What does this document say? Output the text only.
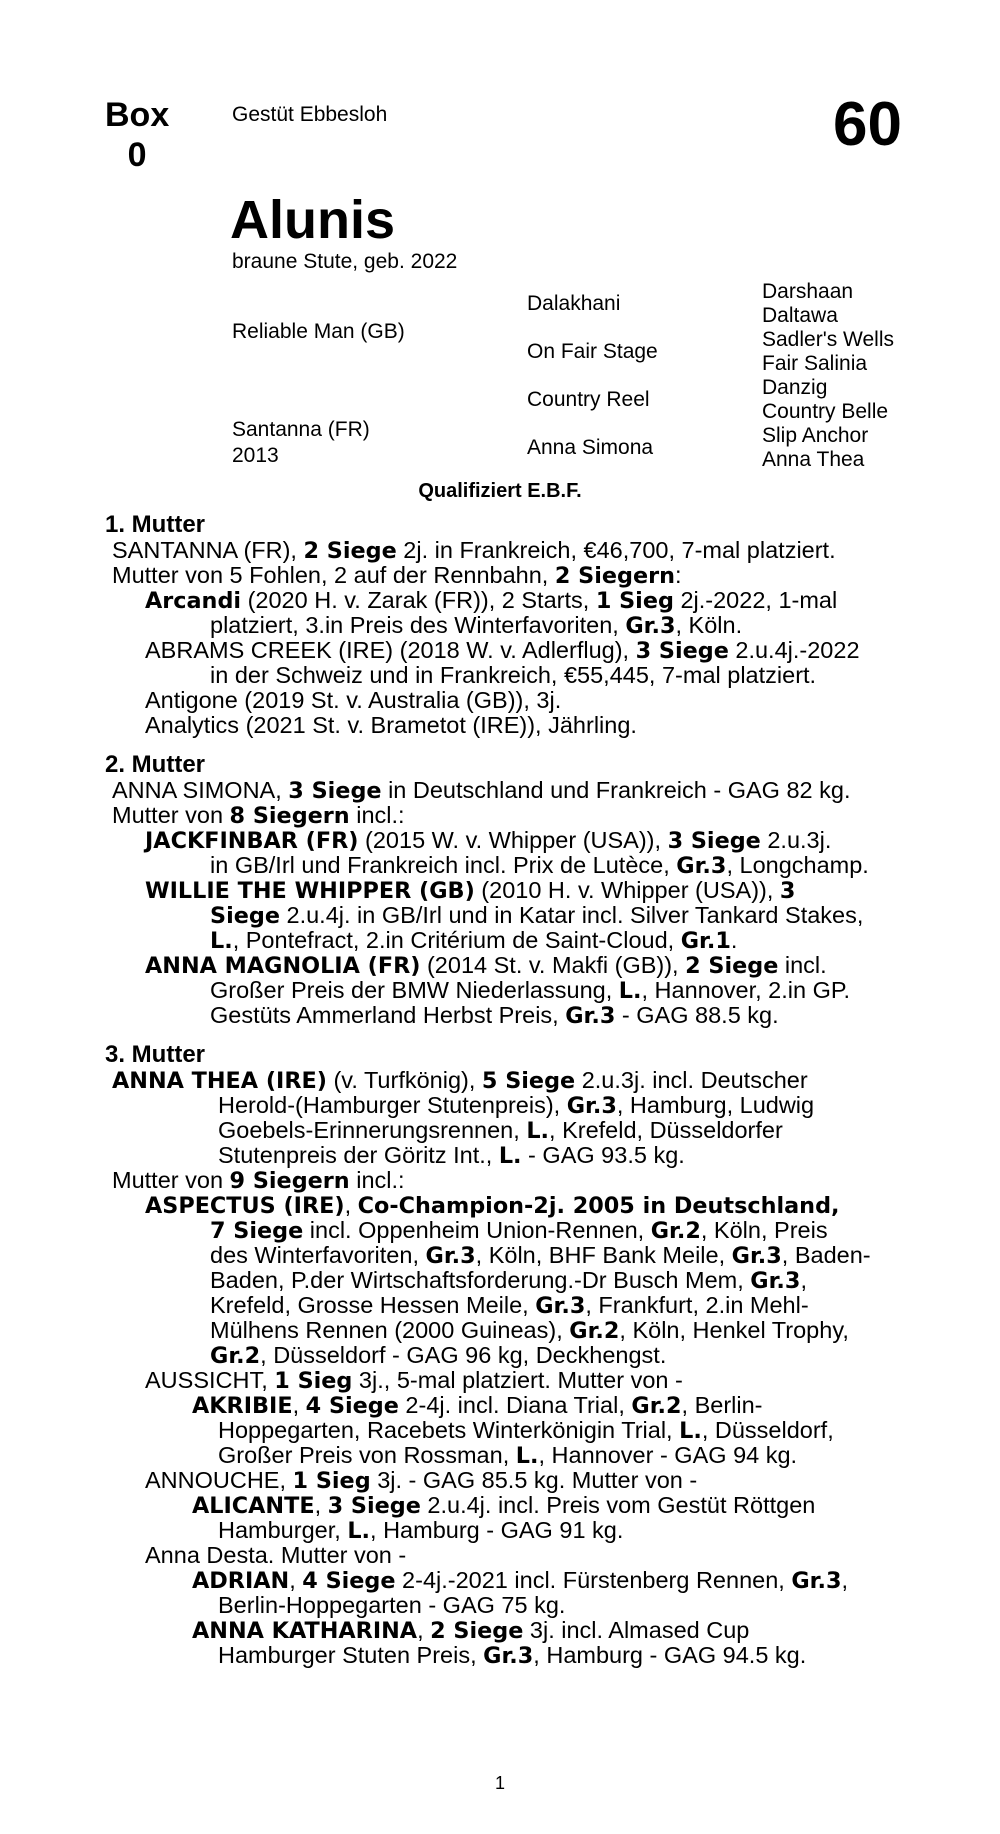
Box
0
Gestüt Ebbesloh	60
Alunis
braune Stute, geb. 2022
Reliable Man (GB)
Santanna (FR)
2013
Dalakhani
On Fair Stage
Country Reel
Anna Simona
Darshaan
Daltawa
Sadler's Wells
Fair Salinia
Danzig
Country Belle
Slip Anchor
Anna Thea
Qualifiziert E.B.F.
1. Mutter
SANTANNA (FR), 2 Siege 2j. in Frankreich, €46,700, 7-mal platziert.
Mutter von 5 Fohlen, 2 auf der Rennbahn, 2 Siegern:
Arcandi (2020 H. v. Zarak (FR)), 2 Starts, 1 Sieg 2j.-2022, 1-mal
platziert, 3.in Preis des Winterfavoriten, Gr.3, Köln.
ABRAMS CREEK (IRE) (2018 W. v. Adlerflug), 3 Siege 2.u.4j.-2022
in der Schweiz und in Frankreich, €55,445, 7-mal platziert.
Antigone (2019 St. v. Australia (GB)), 3j.
Analytics (2021 St. v. Brametot (IRE)), Jährling.
2. Mutter
ANNA SIMONA, 3 Siege in Deutschland und Frankreich - GAG 82 kg.
Mutter von 8 Siegern incl.:
JACKFINBAR (FR) (2015 W. v. Whipper (USA)), 3 Siege 2.u.3j.
in GB/Irl und Frankreich incl. Prix de Lutèce, Gr.3, Longchamp.
WILLIE THE WHIPPER (GB) (2010 H. v. Whipper (USA)), 3
Siege 2.u.4j. in GB/Irl und in Katar incl. Silver Tankard Stakes,
L., Pontefract, 2.in Critérium de Saint-Cloud, Gr.1.
ANNA MAGNOLIA (FR) (2014 St. v. Makfi (GB)), 2 Siege incl.
Großer Preis der BMW Niederlassung, L., Hannover, 2.in GP.
Gestüts Ammerland Herbst Preis, Gr.3 - GAG 88.5 kg.
3. Mutter
ANNA THEA (IRE) (v. Turfkönig), 5 Siege 2.u.3j. incl. Deutscher
Herold-(Hamburger Stutenpreis), Gr.3, Hamburg, Ludwig
Goebels-Erinnerungsrennen, L., Krefeld, Düsseldorfer
Stutenpreis der Göritz Int., L. - GAG 93.5 kg.
Mutter von 9 Siegern incl.:
ASPECTUS (IRE), Co-Champion-2j. 2005 in Deutschland,
7 Siege incl. Oppenheim Union-Rennen, Gr.2, Köln, Preis
des Winterfavoriten, Gr.3, Köln, BHF Bank Meile, Gr.3, Baden-
Baden, P.der Wirtschaftsforderung.-Dr Busch Mem, Gr.3,
Krefeld, Grosse Hessen Meile, Gr.3, Frankfurt, 2.in Mehl-
Mülhens Rennen (2000 Guineas), Gr.2, Köln, Henkel Trophy,
Gr.2, Düsseldorf - GAG 96 kg, Deckhengst.
AUSSICHT, 1 Sieg 3j., 5-mal platziert. Mutter von -
AKRIBIE, 4 Siege 2-4j. incl. Diana Trial, Gr.2, Berlin-
Hoppegarten, Racebets Winterkönigin Trial, L., Düsseldorf,
Großer Preis von Rossman, L., Hannover - GAG 94 kg.
ANNOUCHE, 1 Sieg 3j. - GAG 85.5 kg. Mutter von -
ALICANTE, 3 Siege 2.u.4j. incl. Preis vom Gestüt Röttgen
Hamburger, L., Hamburg - GAG 91 kg.
Anna Desta. Mutter von -
ADRIAN, 4 Siege 2-4j.-2021 incl. Fürstenberg Rennen, Gr.3,
Berlin-Hoppegarten - GAG 75 kg.
ANNA KATHARINA, 2 Siege 3j. incl. Almased Cup
Hamburger Stuten Preis, Gr.3, Hamburg - GAG 94.5 kg.
1
